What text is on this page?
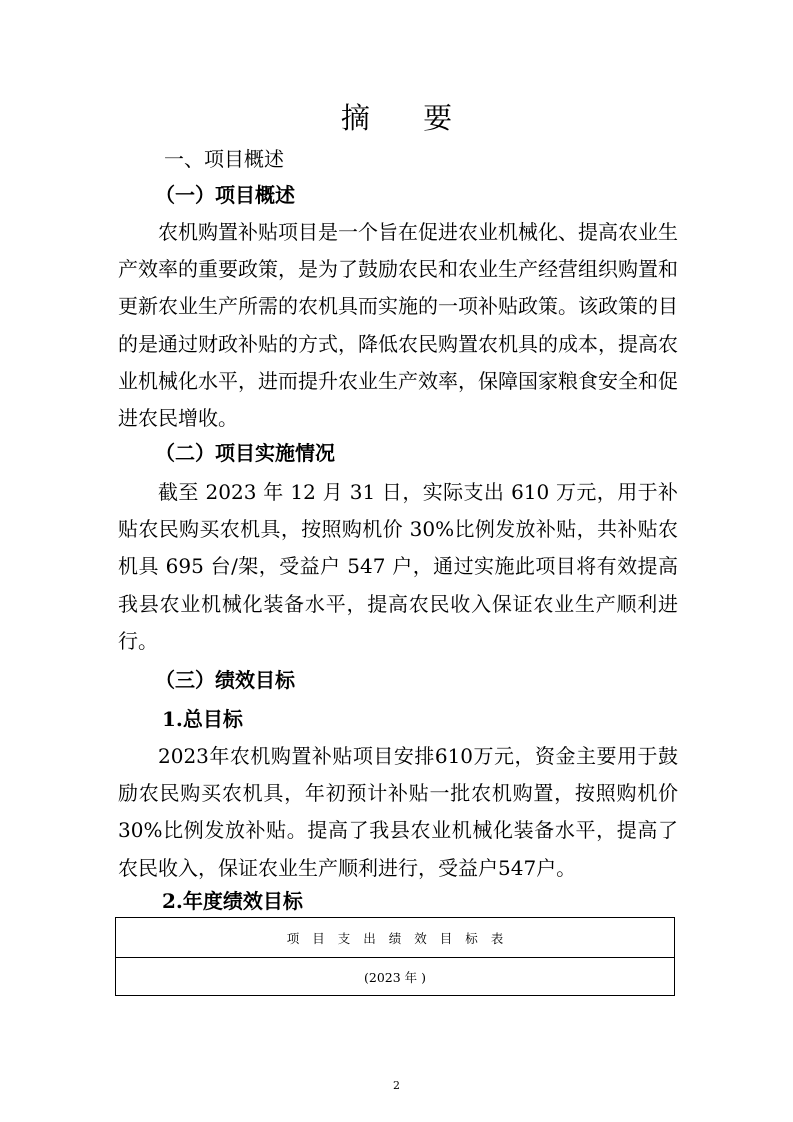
摘 要
一、项目概述
（一）项目概述

农机购置补贴项目是一个旨在促进农业机械化、提高农业生产效率的重要政策，是为了鼓励农民和农业生产经营组织购置和更新农业生产所需的农机具而实施的一项补贴政策。该政策的目的是通过财政补贴的方式，降低农民购置农机具的成本，提高农业机械化水平，进而提升农业生产效率，保障国家粮食安全和促进农民增收。

（二）项目实施情况

截至 2023 年 12 月 31 日，实际支出 610 万元，用于补贴农民购买农机具，按照购机价 30%比例发放补贴，共补贴农机具 695 台/架，受益户 547 户，通过实施此项目将有效提高我县农业机械化装备水平，提高农民收入保证农业生产顺利进行。

（三）绩效目标
1.总目标

2023年农机购置补贴项目安排610万元，资金主要用于鼓励农民购买农机具，年初预计补贴一批农机购置，按照购机价30%比例发放补贴。提高了我县农业机械化装备水平，提高了农民收入，保证农业生产顺利进行，受益户547户。

2.年度绩效目标
项目支出绩效目标表
(2023 年 )
2
